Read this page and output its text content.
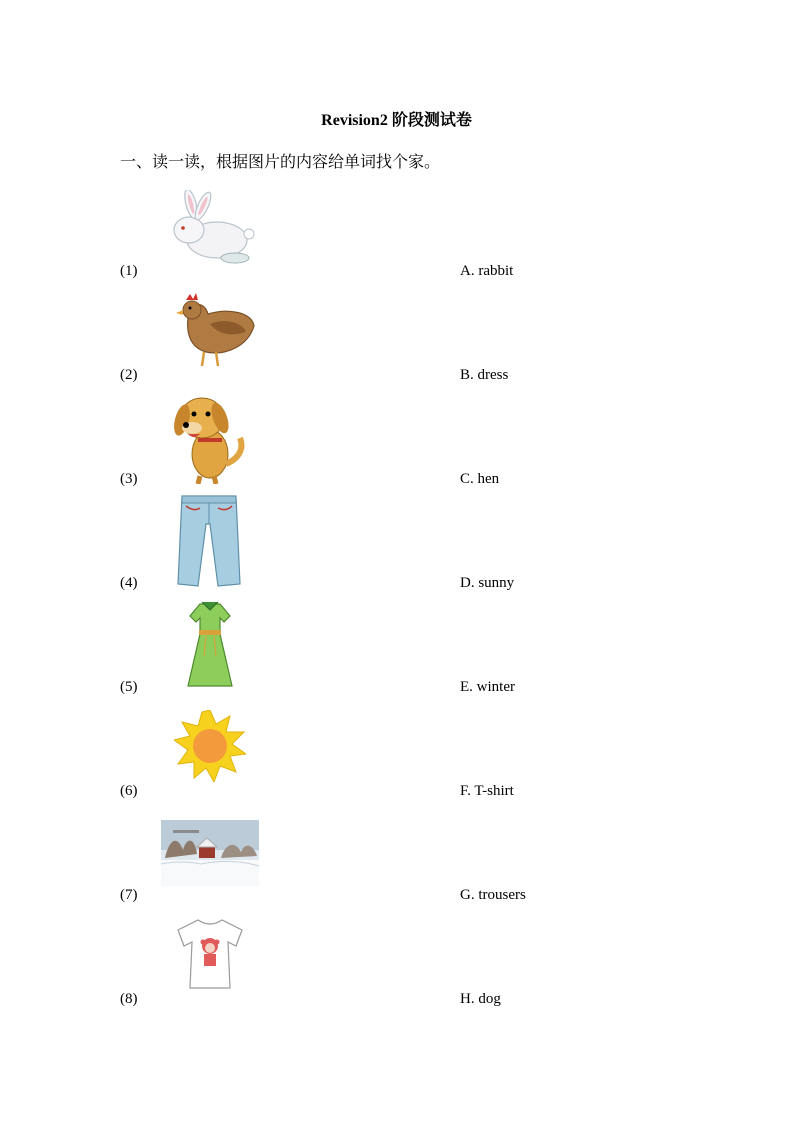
Revision2 阶段测试卷
一、读一读，根据图片的内容给单词找个家。
(1)	A. rabbit
(2)	B. dress
(3)	C. hen
(4)	D. sunny
(5)	E. winter
(6)	F. T-shirt
(7)	G. trousers
(8)	H. dog
